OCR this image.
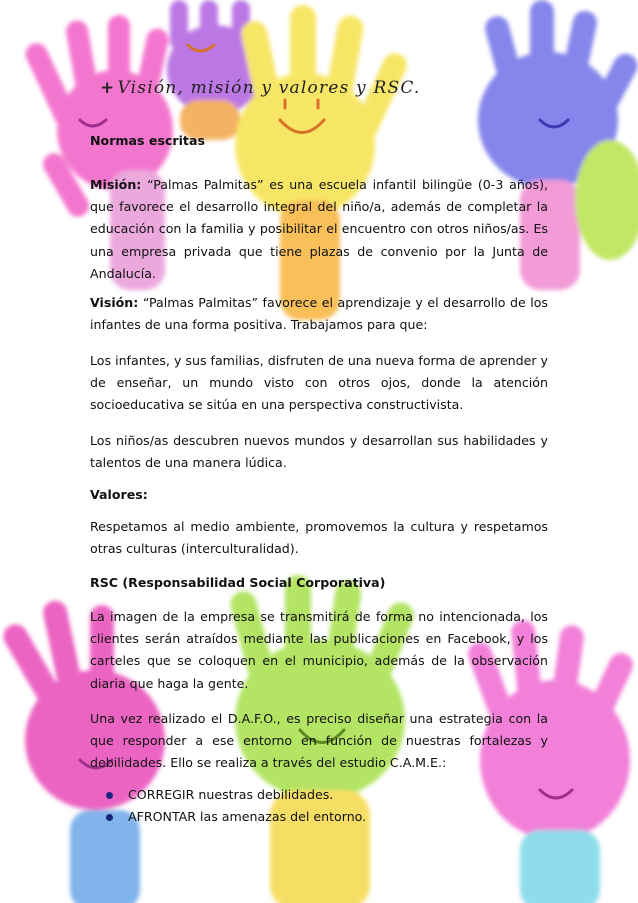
+ Visión, misión y valores y RSC.

Normas escritas

Misión: “Palmas Palmitas” es una escuela infantil bilingüe (0-3 años), que favorece el desarrollo integral del niño/a, además de completar la educación con la familia y posibilitar el encuentro con otros niños/as. Es una empresa privada que tiene plazas de convenio por la Junta de Andalucía.

Visión: “Palmas Palmitas” favorece el aprendizaje y el desarrollo de los infantes de una forma positiva. Trabajamos para que:

Los infantes, y sus familias, disfruten de una nueva forma de aprender y de enseñar, un mundo visto con otros ojos, donde la atención socioeducativa se sitúa en una perspectiva constructivista.

Los niños/as descubren nuevos mundos y desarrollan sus habilidades y talentos de una manera lúdica.

Valores:

Respetamos al medio ambiente, promovemos la cultura y respetamos otras culturas (interculturalidad).

RSC (Responsabilidad Social Corporativa)

La imagen de la empresa se transmitirá de forma no intencionada, los clientes serán atraídos mediante las publicaciones en Facebook, y los carteles que se coloquen en el municipio, además de la observación diaria que haga la gente.

Una vez realizado el D.A.F.O., es preciso diseñar una estrategia con la que responder a ese entorno en función de nuestras fortalezas y debilidades. Ello se realiza a través del estudio C.A.M.E.:

CORREGIR nuestras debilidades.
AFRONTAR las amenazas del entorno.
